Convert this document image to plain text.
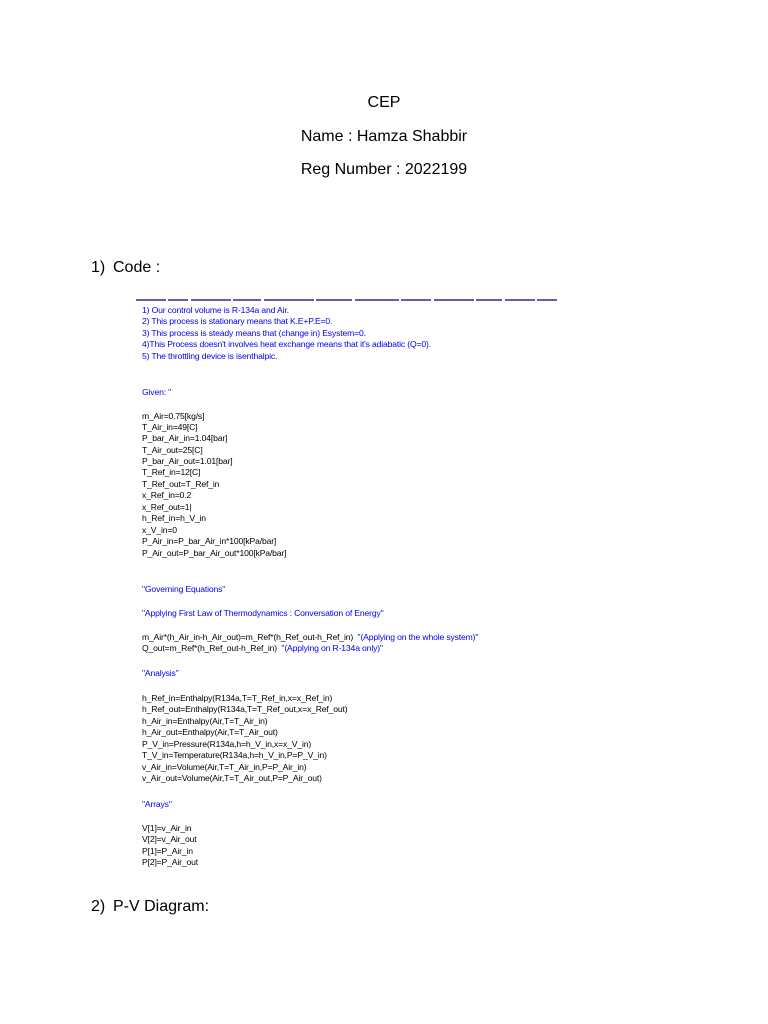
CEP
Name : Hamza Shabbir
Reg Number : 2022199
1) Code :
1) Our control volume is R-134a and Air.
2) This process is stationary means that K.E+P.E=0.
3) This process is steady means that (change in) Esystem=0.
4)This Process doesn't involves heat exchange means that it's adiabatic (Q=0).
5) The throttling device is isenthalpic.
Given: "
m_Air=0.75[kg/s]
T_Air_in=49[C]
P_bar_Air_in=1.04[bar]
T_Air_out=25[C]
P_bar_Air_out=1.01[bar]
T_Ref_in=12[C]
T_Ref_out=T_Ref_in
x_Ref_in=0.2
x_Ref_out=1|
h_Ref_in=h_V_in
x_V_in=0
P_Air_in=P_bar_Air_in*100[kPa/bar]
P_Air_out=P_bar_Air_out*100[kPa/bar]
"Governing Equations"
"Applying First Law of Thermodynamics : Conversation of Energy"
m_Air*(h_Air_in-h_Air_out)=m_Ref*(h_Ref_out-h_Ref_in) "(Applying on the whole system)"
Q_out=m_Ref*(h_Ref_out-h_Ref_in) "(Applying on R-134a only)"
"Analysis"
h_Ref_in=Enthalpy(R134a,T=T_Ref_in,x=x_Ref_in)
h_Ref_out=Enthalpy(R134a,T=T_Ref_out,x=x_Ref_out)
h_Air_in=Enthalpy(Air,T=T_Air_in)
h_Air_out=Enthalpy(Air,T=T_Air_out)
P_V_in=Pressure(R134a,h=h_V_in,x=x_V_in)
T_V_in=Temperature(R134a,h=h_V_in,P=P_V_in)
v_Air_in=Volume(Air,T=T_Air_in,P=P_Air_in)
v_Air_out=Volume(Air,T=T_Air_out,P=P_Air_out)
"Arrays"
V[1]=v_Air_in
V[2]=v_Air_out
P[1]=P_Air_in
P[2]=P_Air_out
2) P-V Diagram:
